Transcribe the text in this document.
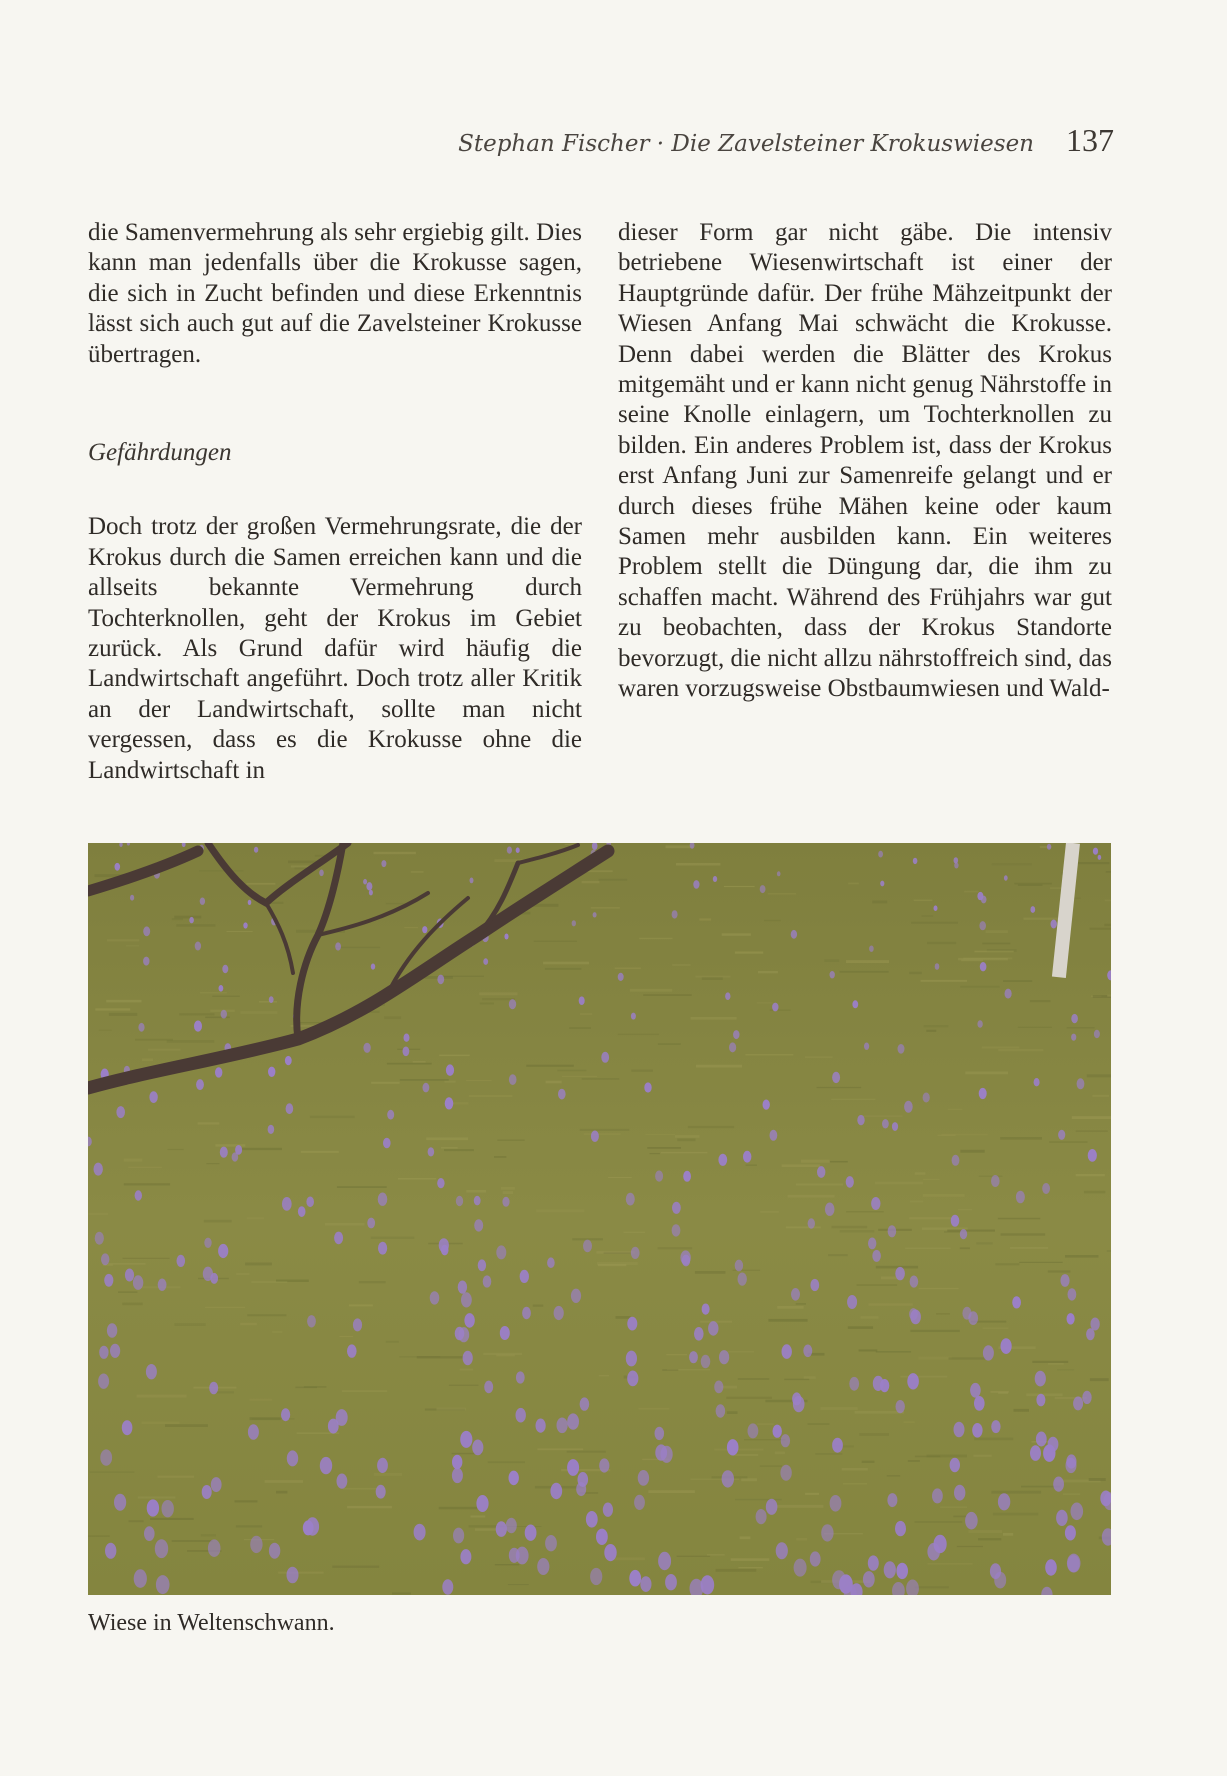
Stephan Fischer · Die Zavelsteiner Krokuswiesen 137

die Samenvermehrung als sehr ergiebig gilt. Dies kann man jedenfalls über die Krokusse sagen, die sich in Zucht befinden und diese Erkenntnis lässt sich auch gut auf die Zavelsteiner Krokusse übertragen.

Gefährdungen

Doch trotz der großen Vermehrungsrate, die der Krokus durch die Samen erreichen kann und die allseits bekannte Vermehrung durch Tochterknollen, geht der Krokus im Gebiet zurück. Als Grund dafür wird häufig die Landwirtschaft angeführt. Doch trotz aller Kritik an der Landwirtschaft, sollte man nicht vergessen, dass es die Krokusse ohne die Landwirtschaft in

dieser Form gar nicht gäbe. Die intensiv betriebene Wiesenwirtschaft ist einer der Hauptgründe dafür. Der frühe Mähzeitpunkt der Wiesen Anfang Mai schwächt die Krokusse. Denn dabei werden die Blätter des Krokus mitgemäht und er kann nicht genug Nährstoffe in seine Knolle einlagern, um Tochterknollen zu bilden. Ein anderes Problem ist, dass der Krokus erst Anfang Juni zur Samenreife gelangt und er durch dieses frühe Mähen keine oder kaum Samen mehr ausbilden kann. Ein weiteres Problem stellt die Düngung dar, die ihm zu schaffen macht. Während des Frühjahrs war gut zu beobachten, dass der Krokus Standorte bevorzugt, die nicht allzu nährstoffreich sind, das waren vorzugsweise Obstbaumwiesen und Wald-

Wiese in Weltenschwann.
